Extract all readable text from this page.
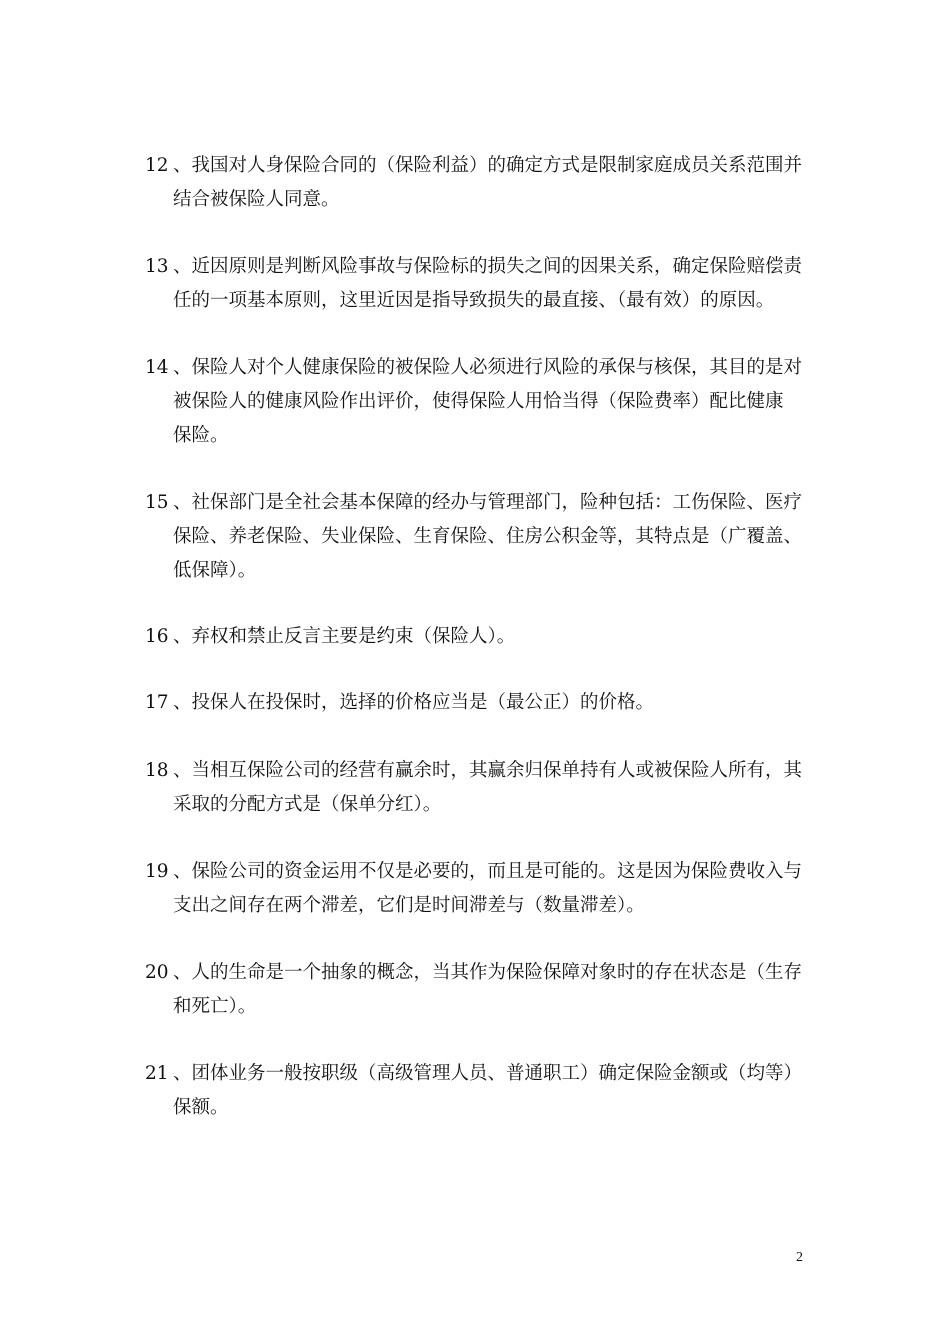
12 、我国对人身保险合同的（保险利益）的确定方式是限制家庭成员关系范围并
结合被保险人同意。
13 、近因原则是判断风险事故与保险标的损失之间的因果关系，确定保险赔偿责
任的一项基本原则，这里近因是指导致损失的最直接、（最有效）的原因。
14 、保险人对个人健康保险的被保险人必须进行风险的承保与核保，其目的是对
被保险人的健康风险作出评价，使得保险人用恰当得（保险费率）配比健康
保险。
15 、社保部门是全社会基本保障的经办与管理部门，险种包括：工伤保险、医疗
保险、养老保险、失业保险、生育保险、住房公积金等，其特点是（广覆盖、
低保障）。
16 、弃权和禁止反言主要是约束（保险人）。
17 、投保人在投保时，选择的价格应当是（最公正）的价格。
18 、当相互保险公司的经营有赢余时，其赢余归保单持有人或被保险人所有，其
采取的分配方式是（保单分红）。
19 、保险公司的资金运用不仅是必要的，而且是可能的。这是因为保险费收入与
支出之间存在两个滞差，它们是时间滞差与（数量滞差）。
20 、人的生命是一个抽象的概念，当其作为保险保障对象时的存在状态是（生存
和死亡）。
21 、团体业务一般按职级（高级管理人员、普通职工）确定保险金额或（均等）
保额。
2
